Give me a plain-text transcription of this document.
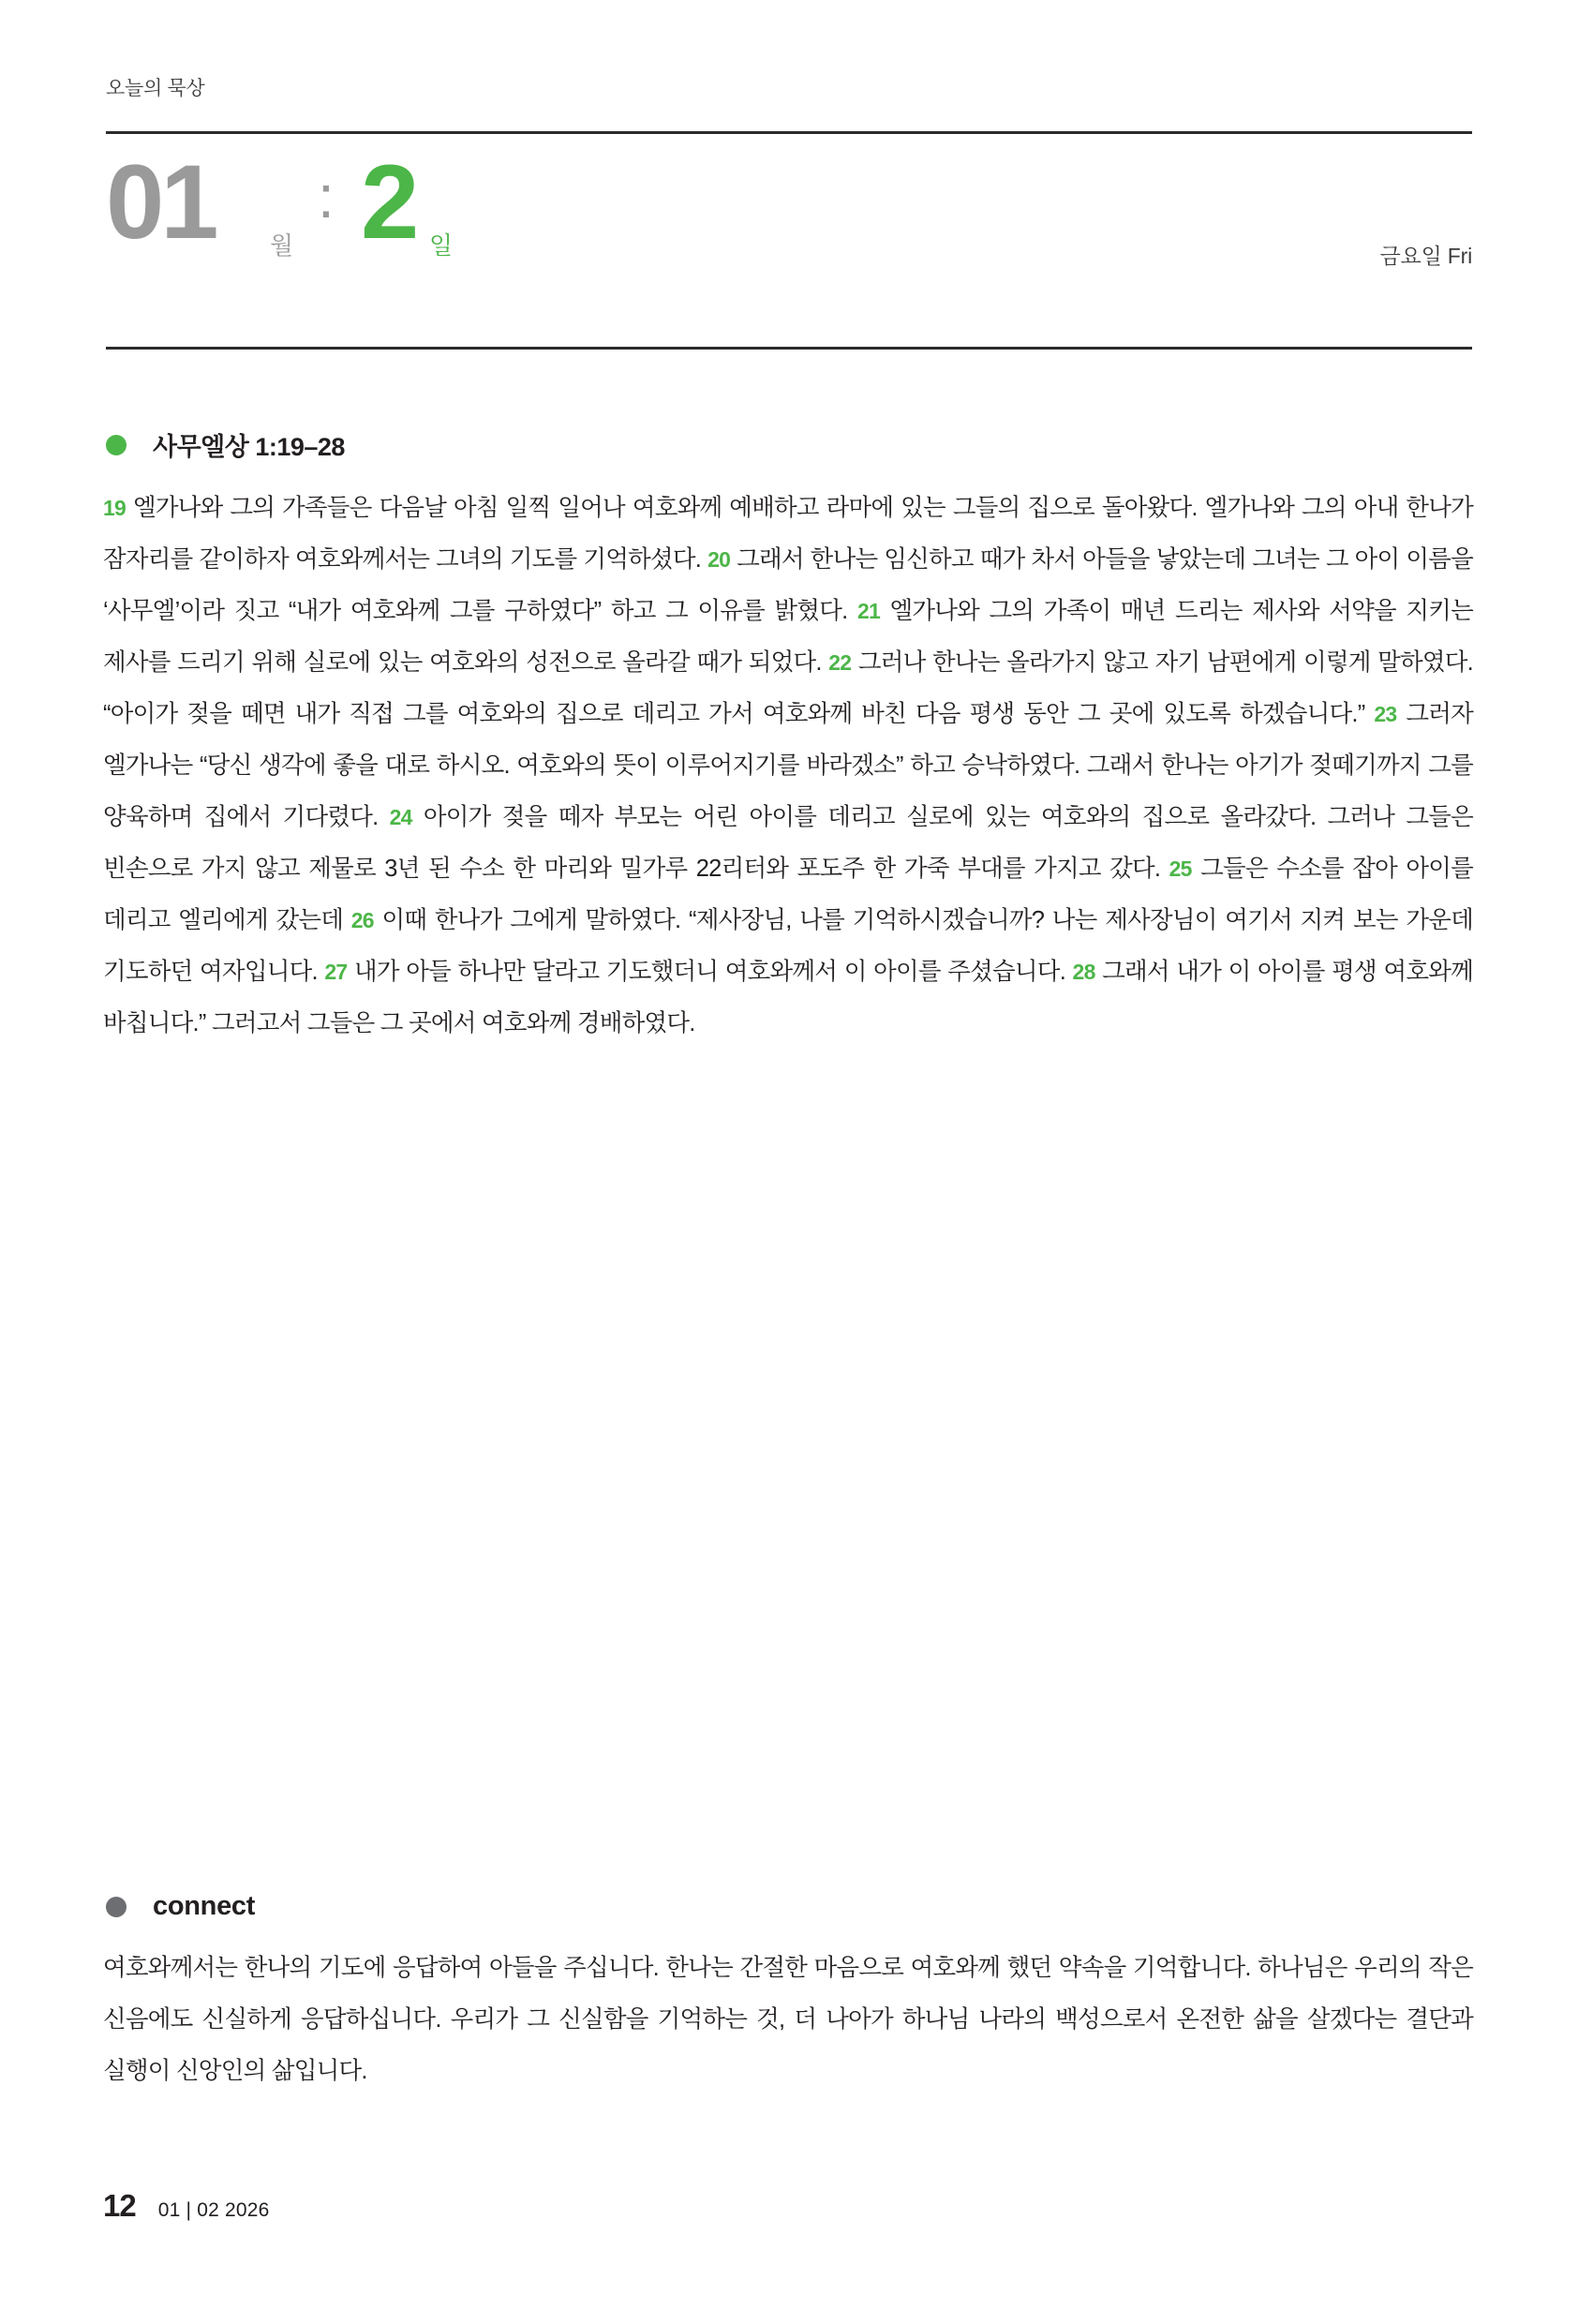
오늘의 묵상
01 월
: 2 일	금요일 Fri
사무엘상 1:19–28
19 엘가나와 그의 가족들은 다음날 아침 일찍 일어나 여호와께 예배하고 라마에 있는 그들의 집으로 돌아왔다. 엘가나와 그의 아내 한나가 잠자리를 같이하자 여호와께서는 그녀의 기도를 기억하셨다. 20 그래서 한나는 임신하고 때가 차서 아들을 낳았는데 그녀는 그 아이 이름을 ‘사무엘’이라 짓고 “내가 여호와께 그를 구하였다” 하고 그 이유를 밝혔다. 21 엘가나와 그의 가족이 매년 드리는 제사와 서약을 지키는 제사를 드리기 위해 실로에 있는 여호와의 성전으로 올라갈 때가 되었다. 22 그러나 한나는 올라가지 않고 자기 남편에게 이렇게 말하였다. “아이가 젖을 떼면 내가 직접 그를 여호와의 집으로 데리고 가서 여호와께 바친 다음 평생 동안 그 곳에 있도록 하겠습니다.” 23 그러자 엘가나는 “당신 생각에 좋을 대로 하시오. 여호와의 뜻이 이루어지기를 바라겠소” 하고 승낙하였다. 그래서 한나는 아기가 젖떼기까지 그를 양육하며 집에서 기다렸다. 24 아이가 젖을 떼자 부모는 어린 아이를 데리고 실로에 있는 여호와의 집으로 올라갔다. 그러나 그들은 빈손으로 가지 않고 제물로 3년 된 수소 한 마리와 밀가루 22리터와 포도주 한 가죽 부대를 가지고 갔다. 25 그들은 수소를 잡아 아이를 데리고 엘리에게 갔는데 26 이때 한나가 그에게 말하였다. “제사장님, 나를 기억하시겠습니까? 나는 제사장님이 여기서 지켜 보는 가운데 기도하던 여자입니다. 27 내가 아들 하나만 달라고 기도했더니 여호와께서 이 아이를 주셨습니다. 28 그래서 내가 이 아이를 평생 여호와께 바칩니다.” 그러고서 그들은 그 곳에서 여호와께 경배하였다.
connect
여호와께서는 한나의 기도에 응답하여 아들을 주십니다. 한나는 간절한 마음으로 여호와께 했던 약속을 기억합니다. 하나님은 우리의 작은 신음에도 신실하게 응답하십니다. 우리가 그 신실함을 기억하는 것, 더 나아가 하나님 나라의 백성으로서 온전한 삶을 살겠다는 결단과 실행이 신앙인의 삶입니다.
12 01 | 02 2026
